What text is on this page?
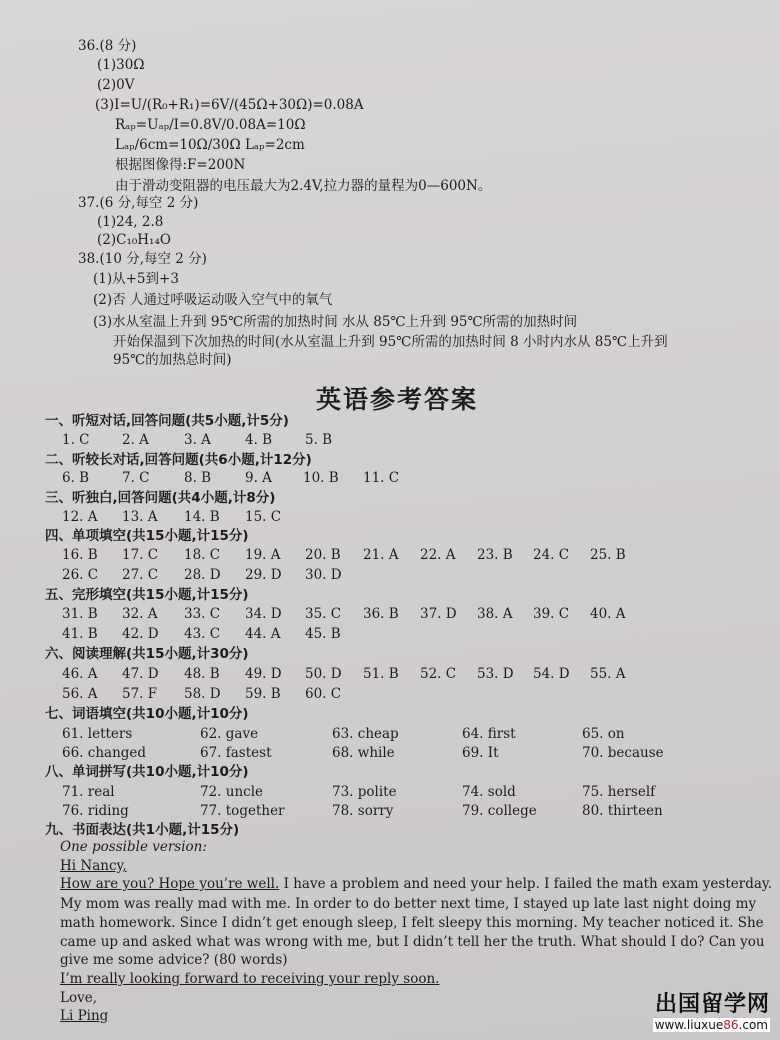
36.(8 分)
(1)30Ω
(2)0V
(3)I=U/(R₀+R₁)=6V/(45Ω+30Ω)=0.08A
Rₐₚ=Uₐₚ/I=0.8V/0.08A=10Ω
Lₐₚ/6cm=10Ω/30Ω Lₐₚ=2cm
根据图像得:F=200N
由于滑动变阻器的电压最大为2.4V,拉力器的量程为0—600N。
37.(6 分,每空 2 分)
(1)24, 2.8
(2)C₁₀H₁₄O
38.(10 分,每空 2 分)
(1)从+5到+3
(2)否 人通过呼吸运动吸入空气中的氧气
(3)水从室温上升到 95℃所需的加热时间 水从 85℃上升到 95℃所需的加热时间
开始保温到下次加热的时间(水从室温上升到 95℃所需的加热时间 8 小时内水从 85℃上升到
95℃的加热总时间)
英语参考答案
一、听短对话,回答问题(共5小题,计5分)
1. C 2. A	3. A	4. B 5. B
二、听较长对话,回答问题(共6小题,计12分)
6. B 7. C	8. B	9. A 10. B 11. C
三、听独白,回答问题(共4小题,计8分)
12. A 13. A 14. B 15. C
四、单项填空(共15小题,计15分)
16. B 17. C 18. C 19. A 20. B 21. A 22. A 23. B 24. C 25. B
26. C 27. C 28. D 29. D 30. D
五、完形填空(共15小题,计15分)
31. B 32. A 33. C 34. D 35. C 36. B 37. D 38. A 39. C 40. A
41. B 42. D 43. C 44. A 45. B
六、阅读理解(共15小题,计30分)
46. A 47. D 48. B 49. D 50. D 51. B 52. C 53. D 54. D 55. A
56. A 57. F 58. D 59. B 60. C
七、词语填空(共10小题,计10分)
61. letters	62. gave	63. cheap	64. first	65. on
66. changed	67. fastest	68. while	69. It	70. because
八、单词拼写(共10小题,计10分)
71. real	72. uncle	73. polite	74. sold	75. herself
76. riding	77. together	78. sorry	79. college	80. thirteen
九、书面表达(共1小题,计15分)
One possible version:
Hi Nancy,
How are you? Hope you’re well. I have a problem and need your help. I failed the math exam yesterday.
My mom was really mad with me. In order to do better next time, I stayed up late last night doing my
math homework. Since I didn’t get enough sleep, I felt sleepy this morning. My teacher noticed it. She
came up and asked what was wrong with me, but I didn’t tell her the truth. What should I do? Can you
give me some advice? (80 words)
I’m really looking forward to receiving your reply soon.
Love,
Li Ping	出国留学网
www.liuxue86.com
